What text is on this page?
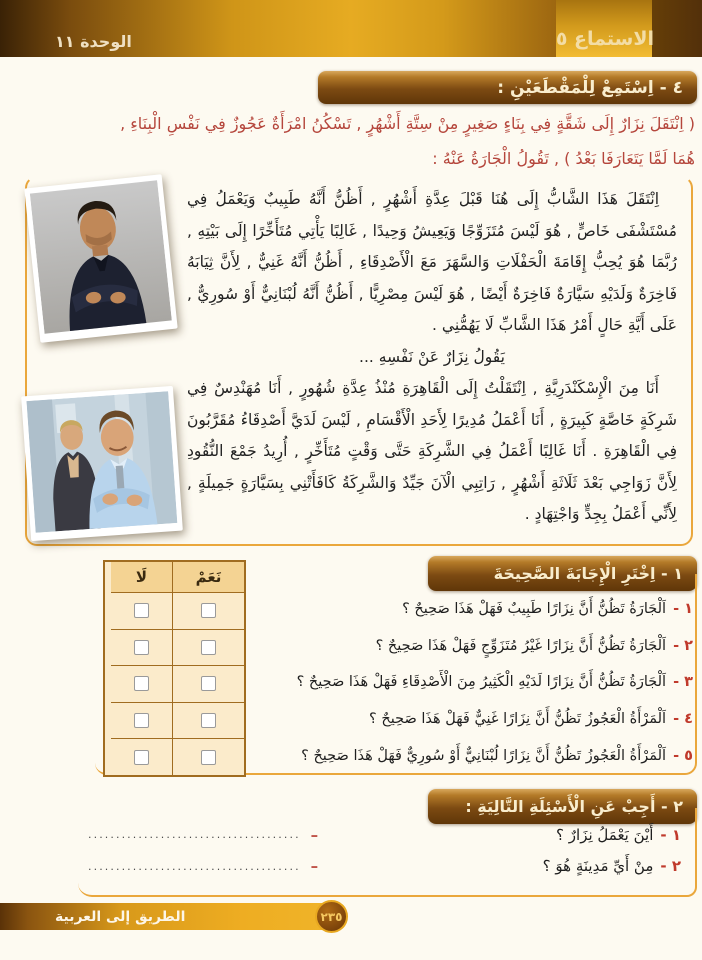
الاستماع ٥
الوحدة ١١
٤ - اِسْتَمِعْ لِلْمَقْطَعَيْنِ :
( اِنْتَقَلَ نِزَارٌ إِلَى شَقَّةٍ فِي بِنَاءٍ صَغِيرٍ مِنْ سِتَّةِ أَشْهُرٍ , تَسْكُنُ امْرَأَةٌ عَجُوزٌ فِي نَفْسِ الْبِنَاءِ , هُمَا لَمَّا يَتَعَارَفَا بَعْدُ ) , تَقُولُ الْجَارَةُ عَنْهُ :

اِنْتَقَلَ هَذَا الشَّابُّ إِلَى هُنَا قَبْلَ عِدَّةِ أَشْهُرٍ , أَظُنُّ أَنَّهُ طَبِيبٌ وَيَعْمَلُ فِي مُسْتَشْفَى خَاصٍّ , هُوَ لَيْسَ مُتَزَوِّجًا وَيَعِيشُ وَحِيدًا , غَالِبًا يَأْتِي مُتَأَخِّرًا إِلَى بَيْتِهِ , رُبَّمَا هُوَ يُحِبُّ إِقَامَةَ الْحَفْلَاتِ وَالسَّهَرَ مَعَ الْأَصْدِقَاءِ , أَظُنُّ أَنَّهُ غَنِيٌّ , لِأَنَّ ثِيَابَهُ فَاخِرَةٌ وَلَدَيْهِ سَيَّارَةٌ فَاخِرَةٌ أَيْضًا , هُوَ لَيْسَ مِصْرِيًّا , أَظُنُّ أَنَّهُ لُبْنَانِيٌّ أَوْ سُورِيٌّ , عَلَى أَيَّةِ حَالٍ أَمْرُ هَذَا الشَّابِّ لَا يَهُمُّنِي .

يَقُولُ نِزَارٌ عَنْ نَفْسِهِ ...

أَنَا مِنَ الْإِسْكَنْدَرِيَّةِ , اِنْتَقَلْتُ إِلَى الْقَاهِرَةِ مُنْذُ عِدَّةِ شُهُورٍ , أَنَا مُهَنْدِسٌ فِي شَرِكَةٍ خَاصَّةٍ كَبِيرَةٍ , أَنَا أَعْمَلُ مُدِيرًا لِأَحَدِ الْأَقْسَامِ , لَيْسَ لَدَيَّ أَصْدِقَاءُ مُقَرَّبُونَ فِي الْقَاهِرَةِ . أَنَا غَالِبًا أَعْمَلُ فِي الشَّرِكَةِ حَتَّى وَقْتٍ مُتَأَخِّرٍ , أُرِيدُ جَمْعَ النُّقُودِ لِأَنَّ زَوَاجِي بَعْدَ ثَلَاثَةِ أَشْهُرٍ , رَاتِبِي الْآنَ جَيِّدٌ وَالشَّرِكَةُ كَافَأَتْنِي بِسَيَّارَةٍ جَمِيلَةٍ , لِأَنِّي أَعْمَلُ بِجِدٍّ وَاجْتِهَادٍ .

١ - اِخْتَرِ الْإِجَابَةَ الصَّحِيحَةَ
نَعَمْ
لَا
١ -
اَلْجَارَةُ تَظُنُّ أَنَّ نِزَارًا طَبِيبٌ فَهَلْ هَذَا صَحِيحٌ ؟
٢ -
اَلْجَارَةُ تَظُنُّ أَنَّ نِزَارًا غَيْرُ مُتَزَوِّجٍ فَهَلْ هَذَا صَحِيحٌ ؟
٣ -
اَلْجَارَةُ تَظُنُّ أَنَّ نِزَارًا لَدَيْهِ الْكَثِيرُ مِنَ الْأَصْدِقَاءِ فَهَلْ هَذَا صَحِيحٌ ؟
٤ -
اَلْمَرْأَةُ الْعَجُوزُ تَظُنُّ أَنَّ نِزَارًا غَنِيٌّ فَهَلْ هَذَا صَحِيحٌ ؟
٥ -
اَلْمَرْأَةُ الْعَجُوزُ تَظُنُّ أَنَّ نِزَارًا لُبْنَانِيٌّ أَوْ سُورِيٌّ فَهَلْ هَذَا صَحِيحٌ ؟
٢ - أَجِبْ عَنِ الْأَسْئِلَةِ التَّالِيَةِ :
١ -
أَيْنَ يَعْمَلُ نِزَارٌ ؟
...................................... –
٢ -
مِنْ أَيِّ مَدِينَةٍ هُوَ ؟
...................................... –
الطريق إلى العربية	٢٣٥
